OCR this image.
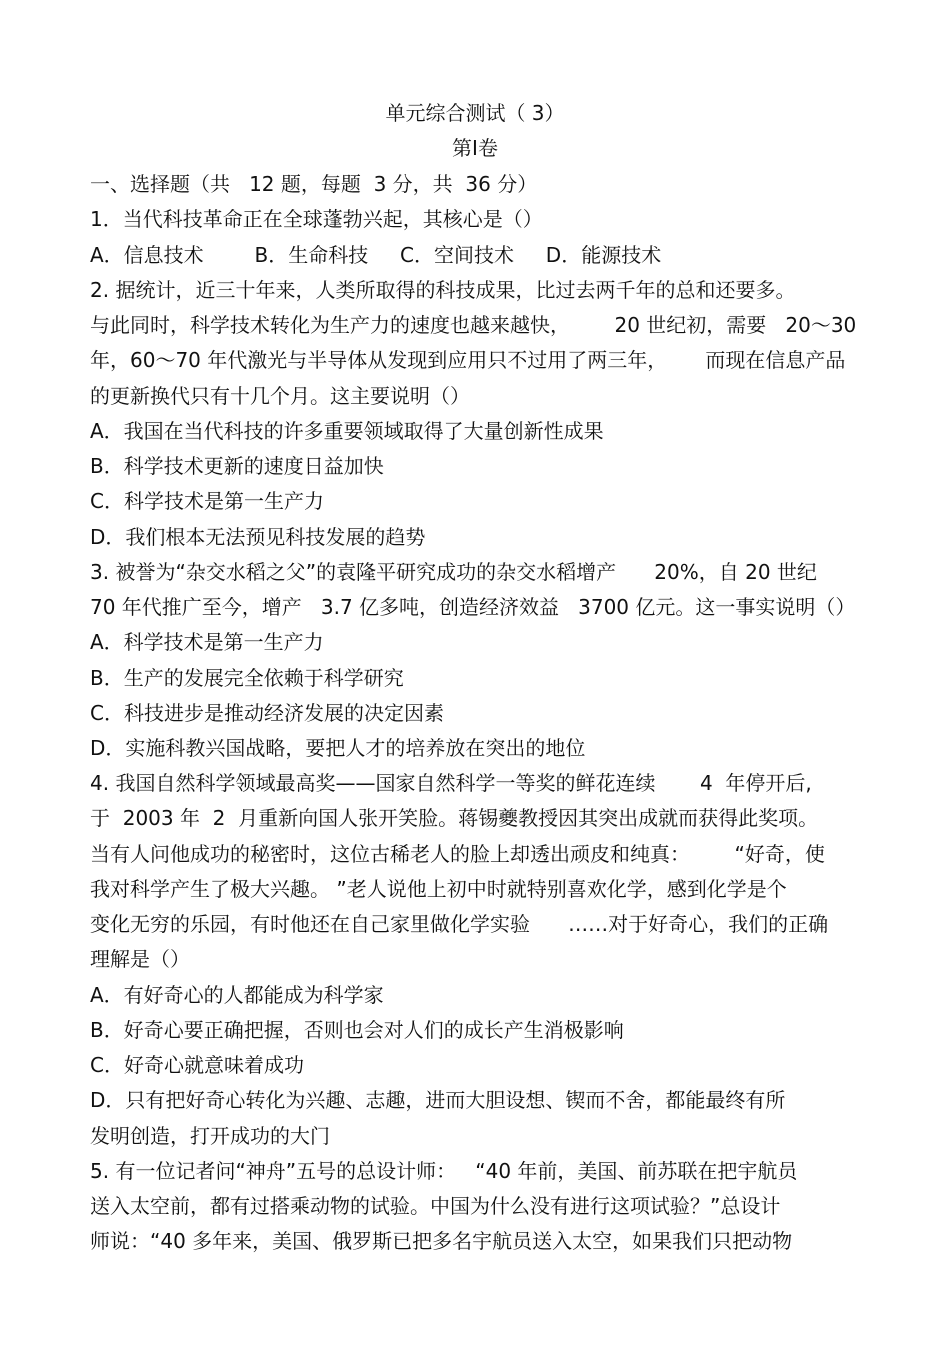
单元综合测试（ 3）
第Ⅰ卷
一、选择题（共   12 题，每题  3 分，共  36 分）
1．当代科技革命正在全球蓬勃兴起，其核心是（）
A．信息技术        B．生命科技     C．空间技术     D．能源技术
2. 据统计，近三十年来，人类所取得的科技成果，比过去两千年的总和还要多。
与此同时，科学技术转化为生产力的速度也越来越快，       20 世纪初，需要   20～30
年，60～70 年代激光与半导体从发现到应用只不过用了两三年，      而现在信息产品
的更新换代只有十几个月。这主要说明（）
A．我国在当代科技的许多重要领域取得了大量创新性成果
B．科学技术更新的速度日益加快
C．科学技术是第一生产力
D．我们根本无法预见科技发展的趋势
3. 被誉为“杂交水稻之父”的袁隆平研究成功的杂交水稻增产      20%，自 20 世纪
70 年代推广至今，增产   3.7 亿多吨，创造经济效益   3700 亿元。这一事实说明（）
A．科学技术是第一生产力
B．生产的发展完全依赖于科学研究
C．科技进步是推动经济发展的决定因素
D．实施科教兴国战略，要把人才的培养放在突出的地位
4. 我国自然科学领域最高奖——国家自然科学一等奖的鲜花连续       4  年停开后,
于  2003 年  2  月重新向国人张开笑脸。蒋锡夔教授因其突出成就而获得此奖项。
当有人问他成功的秘密时，这位古稀老人的脸上却透出顽皮和纯真：       “好奇，使
我对科学产生了极大兴趣。 ”老人说他上初中时就特别喜欢化学，感到化学是个
变化无穷的乐园，有时他还在自己家里做化学实验      ……对于好奇心，我们的正确
理解是（）
A．有好奇心的人都能成为科学家
B．好奇心要正确把握，否则也会对人们的成长产生消极影响
C．好奇心就意味着成功
D．只有把好奇心转化为兴趣、志趣，进而大胆设想、锲而不舍，都能最终有所
发明创造，打开成功的大门
5. 有一位记者问“神舟”五号的总设计师：   “40 年前，美国、前苏联在把宇航员
送入太空前，都有过搭乘动物的试验。中国为什么没有进行这项试验？”总设计
师说：“40 多年来，美国、俄罗斯已把多名宇航员送入太空，如果我们只把动物
